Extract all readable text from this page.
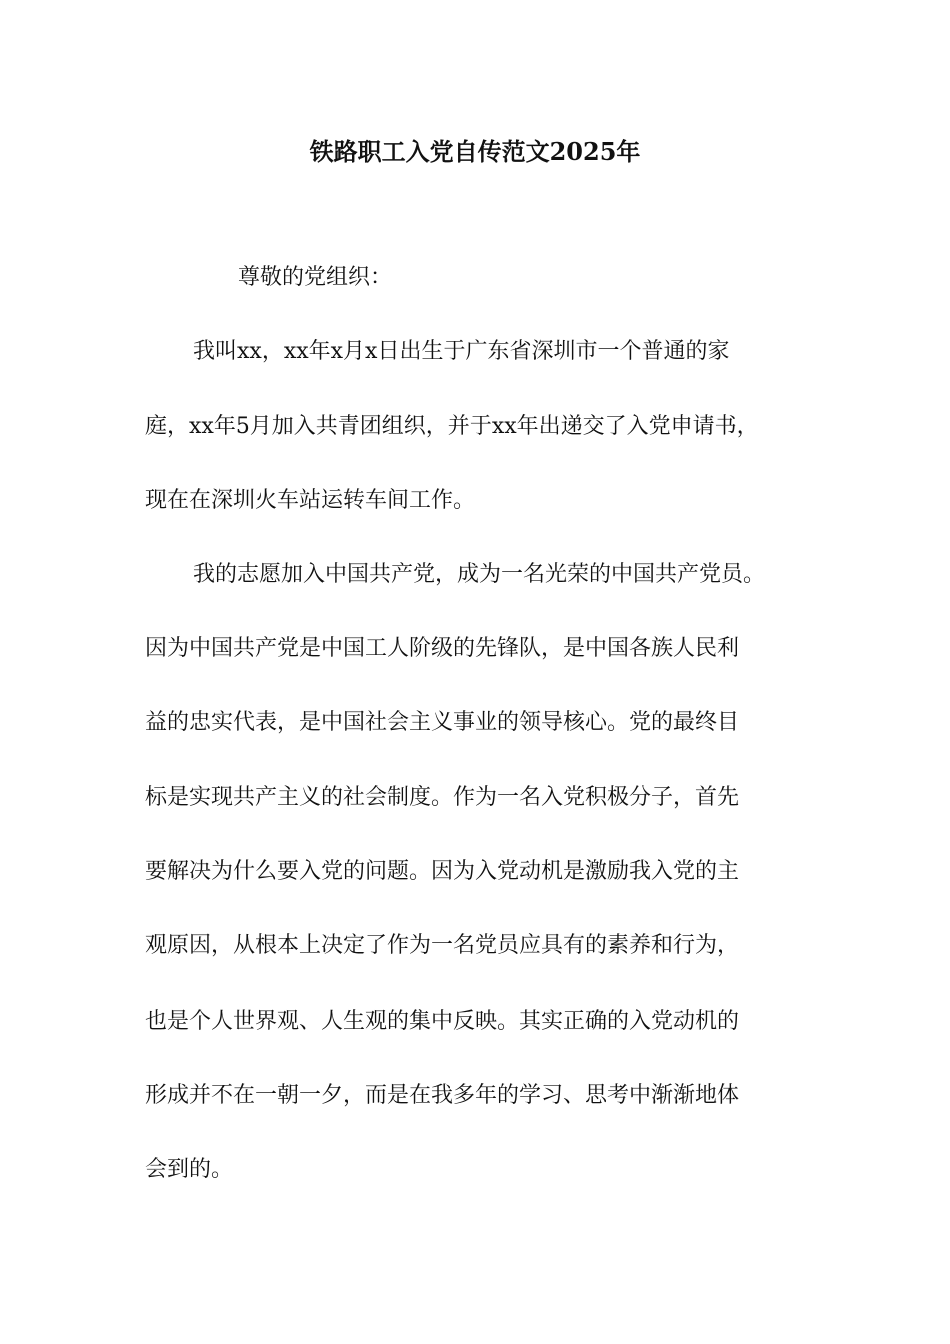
铁路职工入党自传范文2025年
尊敬的党组织：
我叫xx，xx年x月x日出生于广东省深圳市一个普通的家
庭，xx年5月加入共青团组织，并于xx年出递交了入党申请书，
现在在深圳火车站运转车间工作。
我的志愿加入中国共产党，成为一名光荣的中国共产党员。
因为中国共产党是中国工人阶级的先锋队，是中国各族人民利
益的忠实代表，是中国社会主义事业的领导核心。党的最终目
标是实现共产主义的社会制度。作为一名入党积极分子，首先
要解决为什么要入党的问题。因为入党动机是激励我入党的主
观原因，从根本上决定了作为一名党员应具有的素养和行为，
也是个人世界观、人生观的集中反映。其实正确的入党动机的
形成并不在一朝一夕，而是在我多年的学习、思考中渐渐地体
会到的。
